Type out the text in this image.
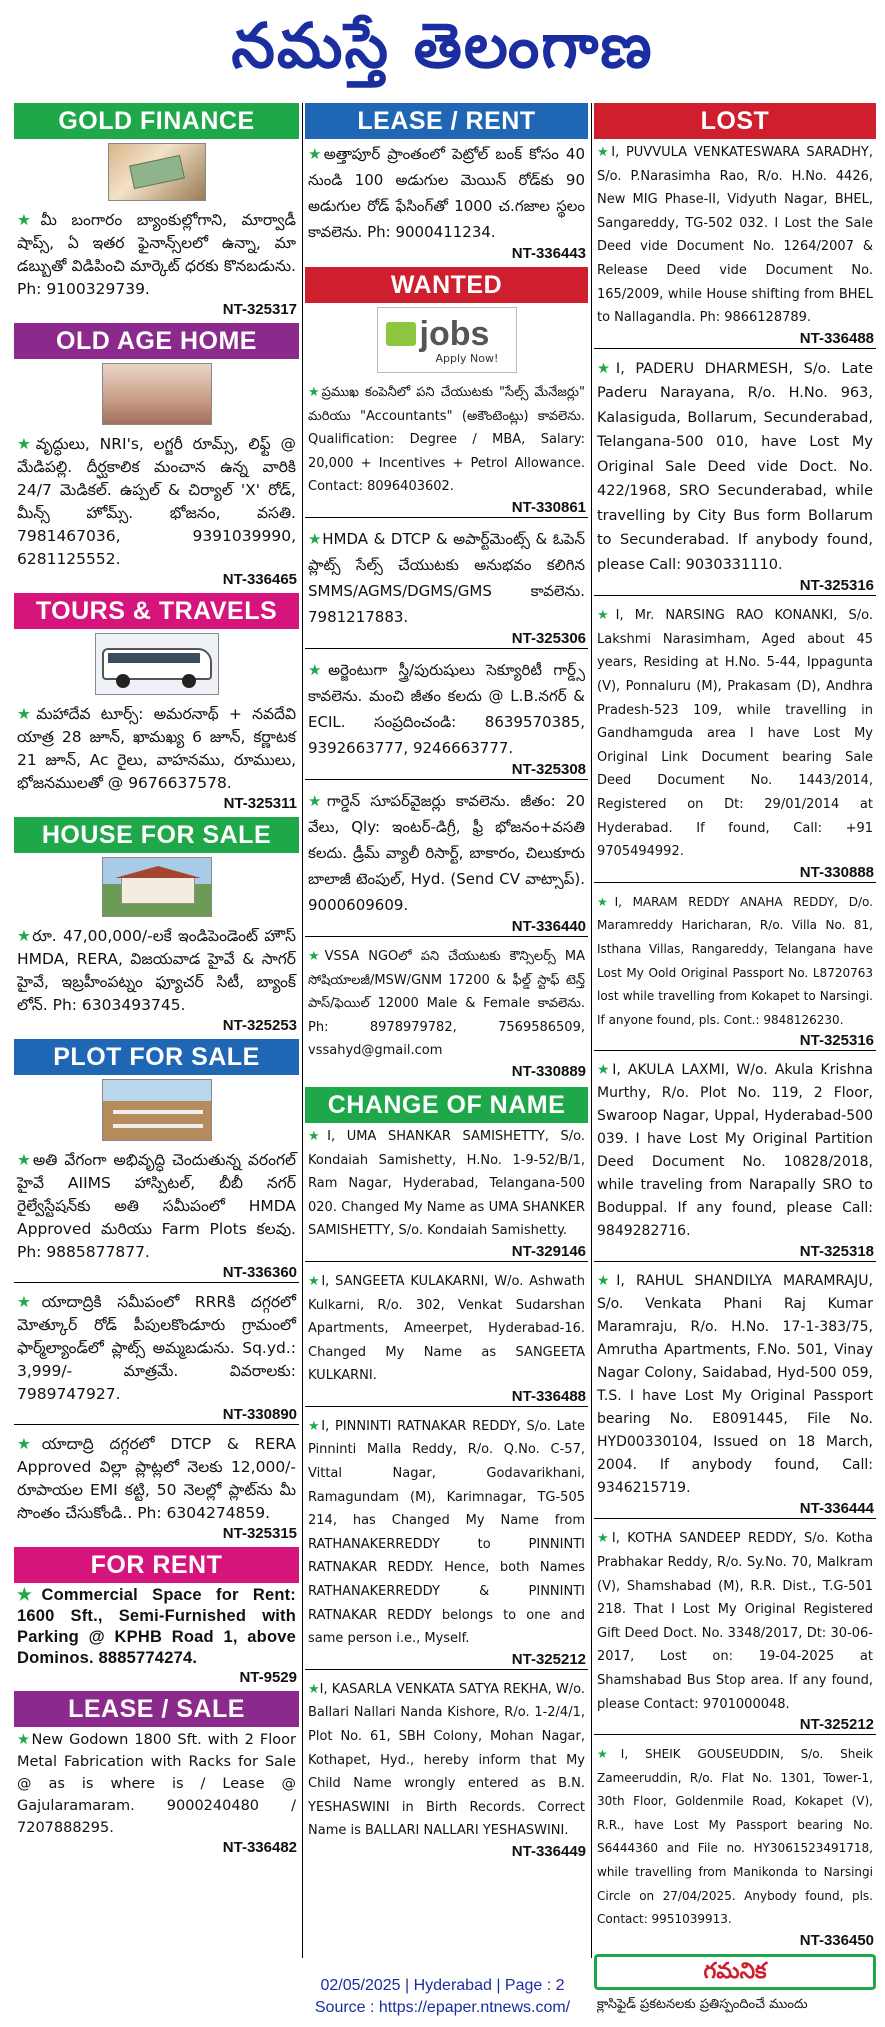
నమస్తే తెలంగాణ
GOLD FINANCE
★మీ బంగారం బ్యాంకుల్లోగాని, మార్వాడీ షాప్స్, ఏ ఇతర ఫైనాన్స్‌లలో ఉన్నా, మా డబ్బుతో విడిపించి మార్కెట్ ధరకు కొనబడును. Ph: 9100329739.
NT-325317
OLD AGE HOME
★వృద్ధులు, NRI's, లగ్జరీ రూమ్స్, లిఫ్ట్ @ మేడిపల్లి. దీర్ఘకాలిక మంచాన ఉన్న వారికి 24/7 మెడికల్. ఉప్పల్ & చిర్యాల్ 'X' రోడ్, మీన్స్ హోమ్స్. భోజనం, వసతి. 7981467036, 9391039990, 6281125552.
NT-336465
TOURS & TRAVELS
★మహాదేవ టూర్స్: అమరనాథ్ + నవదేవి యాత్ర 28 జూన్, ఖామఖ్య 6 జూన్, కర్ణాటక 21 జూన్, Ac రైలు, వాహనము, రూములు, భోజనములతో @ 9676637578.
NT-325311
HOUSE FOR SALE
★రూ. 47,00,000/-లకే ఇండిపెండెంట్ హౌస్ HMDA, RERA, విజయవాడ హైవే & సాగర్ హైవే, ఇబ్రహీంపట్నం ఫ్యూచర్ సిటీ, బ్యాంక్ లోన్. Ph: 6303493745.
NT-325253
PLOT FOR SALE
★అతి వేగంగా అభివృద్ధి చెందుతున్న వరంగల్ హైవే AIIMS హాస్పిటల్, బీబీ నగర్ రైల్వేస్టేషన్‌కు అతి సమీపంలో HMDA Approved మరియు Farm Plots కలవు. Ph: 9885877877.
NT-336360
★యాదాద్రికి సమీపంలో RRRకి దగ్గరలో మోత్కూర్ రోడ్ పీపులకొండూరు గ్రామంలో ఫార్మ్‌ల్యాండ్‌లో ప్లాట్స్ అమ్మబడును. Sq.yd.: 3,999/- మాత్రమే. వివరాలకు: 7989747927.
NT-330890
★యాదాద్రి దగ్గరలో DTCP & RERA Approved విల్లా ప్లాట్లలో నెలకు 12,000/- రూపాయల EMI కట్టి, 50 నెలల్లో ప్లాట్‌ను మీ సొంతం చేసుకోండి.. Ph: 6304274859.
NT-325315
FOR RENT
★Commercial Space for Rent: 1600 Sft., Semi-Furnished with Parking @ KPHB Road 1, above Dominos. 8885774274.
NT-9529
LEASE / SALE
★New Godown 1800 Sft. with 2 Floor Metal Fabrication with Racks for Sale @ as is where is / Lease @ Gajularamaram. 9000240480 / 7207888295.
NT-336482
LEASE / RENT
★అత్తాపూర్ ప్రాంతంలో పెట్రోల్ బంక్ కోసం 40 నుండి 100 అడుగుల మెయిన్ రోడ్‌కు 90 అడుగుల రోడ్ ఫేసింగ్‌తో 1000 చ.గజాల స్థలం కావలెను. Ph: 9000411234.
NT-336443
WANTED
jobs
Apply Now!
★ప్రముఖ కంపెనీలో పని చేయుటకు "సేల్స్ మేనేజర్లు" మరియు "Accountants" (అకౌంటెంట్లు) కావలెను. Qualification: Degree / MBA, Salary: 20,000 + Incentives + Petrol Allowance. Contact: 8096403602.
NT-330861
★HMDA & DTCP & అపార్ట్‌మెంట్స్ & ఓపెన్ ప్లాట్స్ సేల్స్ చేయుటకు అనుభవం కలిగిన SMMS/AGMS/DGMS/GMS కావలెను. 7981217883.
NT-325306
★అర్జెంటుగా స్త్రీ/పురుషులు సెక్యూరిటీ గార్డ్స్ కావలెను. మంచి జీతం కలదు @ L.B.నగర్ & ECIL. సంప్రదించండి: 8639570385, 9392663777, 9246663777.
NT-325308
★గార్డెన్ సూపర్‌వైజర్లు కావలెను. జీతం: 20 వేలు, Qly: ఇంటర్-డిగ్రీ, ఫ్రీ భోజనం+వసతి కలదు. డ్రీమ్ వ్యాలీ రిసార్ట్, బాకారం, చిలుకూరు బాలాజీ టెంపుల్, Hyd. (Send CV వాట్సాప్). 9000609609.
NT-336440
★VSSA NGOలో పని చేయుటకు కౌన్సిలర్స్ MA సోషియాలజీ/MSW/GNM 17200 & ఫీల్డ్ స్టాఫ్ టెన్త్ పాస్/ఫెయిల్ 12000 Male & Female కావలెను. Ph: 8978979782, 7569586509, vssahyd@gmail.com
NT-330889
CHANGE OF NAME
★I, UMA SHANKAR SAMISHETTY, S/o. Kondaiah Samishetty, H.No. 1-9-52/B/1, Ram Nagar, Hyderabad, Telangana-500 020. Changed My Name as UMA SHANKER SAMISHETTY, S/o. Kondaiah Samishetty.
NT-329146
★I, SANGEETA KULAKARNI, W/o. Ashwath Kulkarni, R/o. 302, Venkat Sudarshan Apartments, Ameerpet, Hyderabad-16. Changed My Name as SANGEETA KULKARNI.
NT-336488
★I, PINNINTI RATNAKAR REDDY, S/o. Late Pinninti Malla Reddy, R/o. Q.No. C-57, Vittal Nagar, Godavarikhani, Ramagundam (M), Karimnagar, TG-505 214, has Changed My Name from RATHANAKERREDDY to PINNINTI RATNAKAR REDDY. Hence, both Names RATHANAKERREDDY & PINNINTI RATNAKAR REDDY belongs to one and same person i.e., Myself.
NT-325212
★I, KASARLA VENKATA SATYA REKHA, W/o. Ballari Nallari Nanda Kishore, R/o. 1-2/4/1, Plot No. 61, SBH Colony, Mohan Nagar, Kothapet, Hyd., hereby inform that My Child Name wrongly entered as B.N. YESHASWINI in Birth Records. Correct Name is BALLARI NALLARI YESHASWINI.
NT-336449
LOST
★I, PUVVULA VENKATESWARA SARADHY, S/o. P.Narasimha Rao, R/o. H.No. 4426, New MIG Phase-II, Vidyuth Nagar, BHEL, Sangareddy, TG-502 032. I Lost the Sale Deed vide Document No. 1264/2007 & Release Deed vide Document No. 165/2009, while House shifting from BHEL to Nallagandla. Ph: 9866128789.
NT-336488
★I, PADERU DHARMESH, S/o. Late Paderu Narayana, R/o. H.No. 963, Kalasiguda, Bollarum, Secunderabad, Telangana-500 010, have Lost My Original Sale Deed vide Doct. No. 422/1968, SRO Secunderabad, while travelling by City Bus form Bollarum to Secunderabad. If anybody found, please Call: 9030331110.
NT-325316
★I, Mr. NARSING RAO KONANKI, S/o. Lakshmi Narasimham, Aged about 45 years, Residing at H.No. 5-44, Ippagunta (V), Ponnaluru (M), Prakasam (D), Andhra Pradesh-523 109, while travelling in Gandhamguda area I have Lost My Original Link Document bearing Sale Deed Document No. 1443/2014, Registered on Dt: 29/01/2014 at Hyderabad. If found, Call: +91 9705494992.
NT-330888
★I, MARAM REDDY ANAHA REDDY, D/o. Maramreddy Haricharan, R/o. Villa No. 81, Isthana Villas, Rangareddy, Telangana have Lost My Oold Original Passport No. L8720763 lost while travelling from Kokapet to Narsingi. If anyone found, pls. Cont.: 9848126230.
NT-325316
★I, AKULA LAXMI, W/o. Akula Krishna Murthy, R/o. Plot No. 119, 2 Floor, Swaroop Nagar, Uppal, Hyderabad-500 039. I have Lost My Original Partition Deed Document No. 10828/2018, while traveling from Narapally SRO to Boduppal. If any found, please Call: 9849282716.
NT-325318
★I, RAHUL SHANDILYA MARAMRAJU, S/o. Venkata Phani Raj Kumar Maramraju, R/o. H.No. 17-1-383/75, Amrutha Apartments, F.No. 501, Vinay Nagar Colony, Saidabad, Hyd-500 059, T.S. I have Lost My Original Passport bearing No. E8091445, File No. HYD00330104, Issued on 18 March, 2004. If anybody found, Call: 9346215719.
NT-336444
★I, KOTHA SANDEEP REDDY, S/o. Kotha Prabhakar Reddy, R/o. Sy.No. 70, Malkram (V), Shamshabad (M), R.R. Dist., T.G-501 218. That I Lost My Original Registered Gift Deed Doct. No. 3348/2017, Dt: 30-06-2017, Lost on: 19-04-2025 at Shamshabad Bus Stop area. If any found, please Contact: 9701000048.
NT-325212
★I, SHEIK GOUSEUDDIN, S/o. Sheik Zameeruddin, R/o. Flat No. 1301, Tower-1, 30th Floor, Goldenmile Road, Kokapet (V), R.R., have Lost My Passport bearing No. S6444360 and File no. HY3061523491718, while travelling from Manikonda to Narsingi Circle on 27/04/2025. Anybody found, pls. Contact: 9951039913.
NT-336450
గమనిక
క్లాసిఫైడ్ ప్రకటనలకు ప్రతిస్పందించే ముందు
02/05/2025 | Hyderabad | Page : 2
Source : https://epaper.ntnews.com/
